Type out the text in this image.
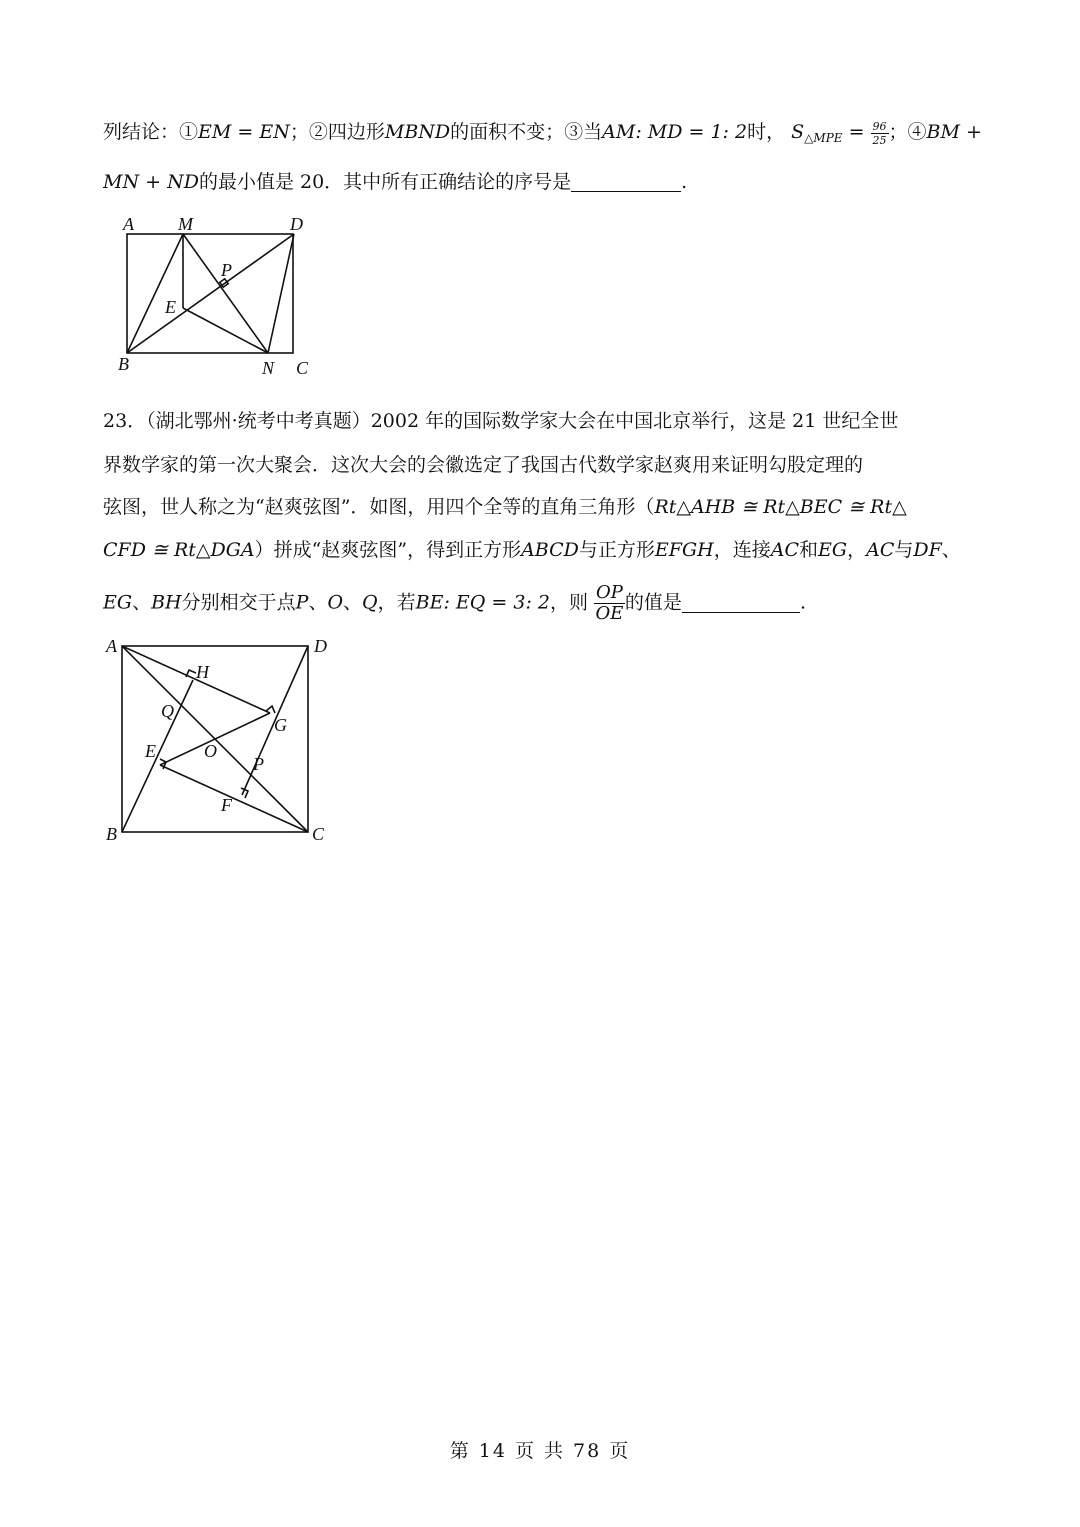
列结论：①EM = EN；②四边形MBND的面积不变；③当AM: MD = 1: 2时， $S_{\triangle MPE} = \frac{96}{25}$ ；④BM +
MN + ND的最小值是 20．其中所有正确结论的序号是	.
A M	D
P
E
B	N C
23．（湖北鄂州·统考中考真题）2002 年的国际数学家大会在中国北京举行，这是 21 世纪全世
界数学家的第一次大聚会．这次大会的会徽选定了我国古代数学家赵爽用来证明勾股定理的
弦图，世人称之为“赵爽弦图”．如图，用四个全等的直角三角形（Rt△AHB ≅ Rt△BEC ≅ Rt△
CFD ≅ Rt△DGA）拼成“赵爽弦图”，得到正方形ABCD与正方形EFGH，连接AC和EG，AC与DF、
EG、BH分别相交于点P、O、Q，若BE: EQ = 3: 2，则 $\frac{OP}{OE}$ 的值是	.
A	D
H
Q
G
E	O
P
F
B	C
第 14 页 共 78 页
